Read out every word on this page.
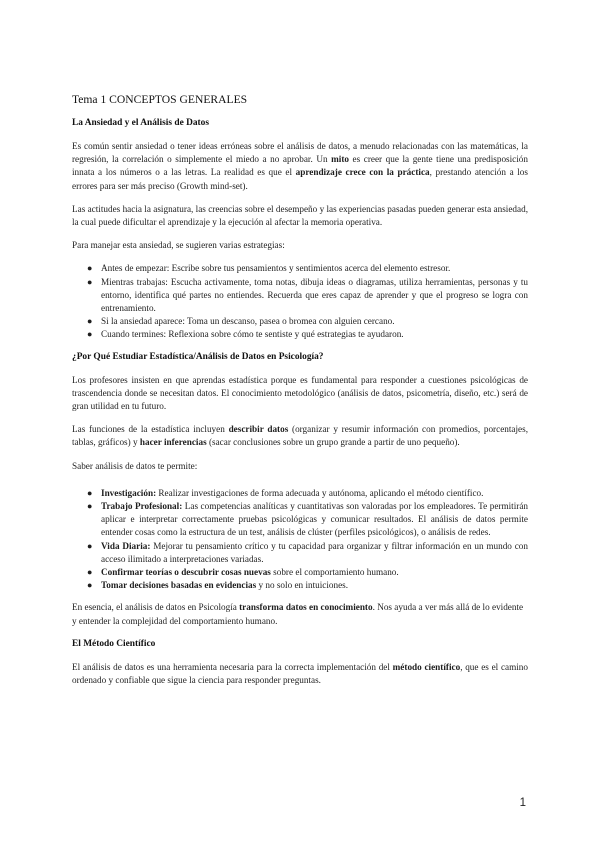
Tema 1 CONCEPTOS GENERALES
La Ansiedad y el Análisis de Datos

Es común sentir ansiedad o tener ideas erróneas sobre el análisis de datos, a menudo relacionadas con las matemáticas, la regresión, la correlación o simplemente el miedo a no aprobar. Un mito es creer que la gente tiene una predisposición innata a los números o a las letras. La realidad es que el aprendizaje crece con la práctica, prestando atención a los errores para ser más preciso (Growth mind-set).

Las actitudes hacia la asignatura, las creencias sobre el desempeño y las experiencias pasadas pueden generar esta ansiedad, la cual puede dificultar el aprendizaje y la ejecución al afectar la memoria operativa.

Para manejar esta ansiedad, se sugieren varias estrategias:

● Antes de empezar: Escribe sobre tus pensamientos y sentimientos acerca del elemento estresor.
● Mientras trabajas: Escucha activamente, toma notas, dibuja ideas o diagramas, utiliza herramientas, personas y tu entorno, identifica qué partes no entiendes. Recuerda que eres capaz de aprender y que el progreso se logra con entrenamiento.
● Si la ansiedad aparece: Toma un descanso, pasea o bromea con alguien cercano.
● Cuando termines: Reflexiona sobre cómo te sentiste y qué estrategias te ayudaron.
¿Por Qué Estudiar Estadística/Análisis de Datos en Psicología?

Los profesores insisten en que aprendas estadística porque es fundamental para responder a cuestiones psicológicas de trascendencia donde se necesitan datos. El conocimiento metodológico (análisis de datos, psicometría, diseño, etc.) será de gran utilidad en tu futuro.

Las funciones de la estadística incluyen describir datos (organizar y resumir información con promedios, porcentajes, tablas, gráficos) y hacer inferencias (sacar conclusiones sobre un grupo grande a partir de uno pequeño).

Saber análisis de datos te permite:

● Investigación: Realizar investigaciones de forma adecuada y autónoma, aplicando el método científico.
● Trabajo Profesional: Las competencias analíticas y cuantitativas son valoradas por los empleadores. Te permitirán aplicar e interpretar correctamente pruebas psicológicas y comunicar resultados. El análisis de datos permite entender cosas como la estructura de un test, análisis de clúster (perfiles psicológicos), o análisis de redes.
● Vida Diaria: Mejorar tu pensamiento crítico y tu capacidad para organizar y filtrar información en un mundo con acceso ilimitado a interpretaciones variadas.
● Confirmar teorías o descubrir cosas nuevas sobre el comportamiento humano.
● Tomar decisiones basadas en evidencias y no solo en intuiciones.

En esencia, el análisis de datos en Psicología transforma datos en conocimiento. Nos ayuda a ver más allá de lo evidente y entender la complejidad del comportamiento humano.

El Método Científico

El análisis de datos es una herramienta necesaria para la correcta implementación del método científico, que es el camino ordenado y confiable que sigue la ciencia para responder preguntas.

1
